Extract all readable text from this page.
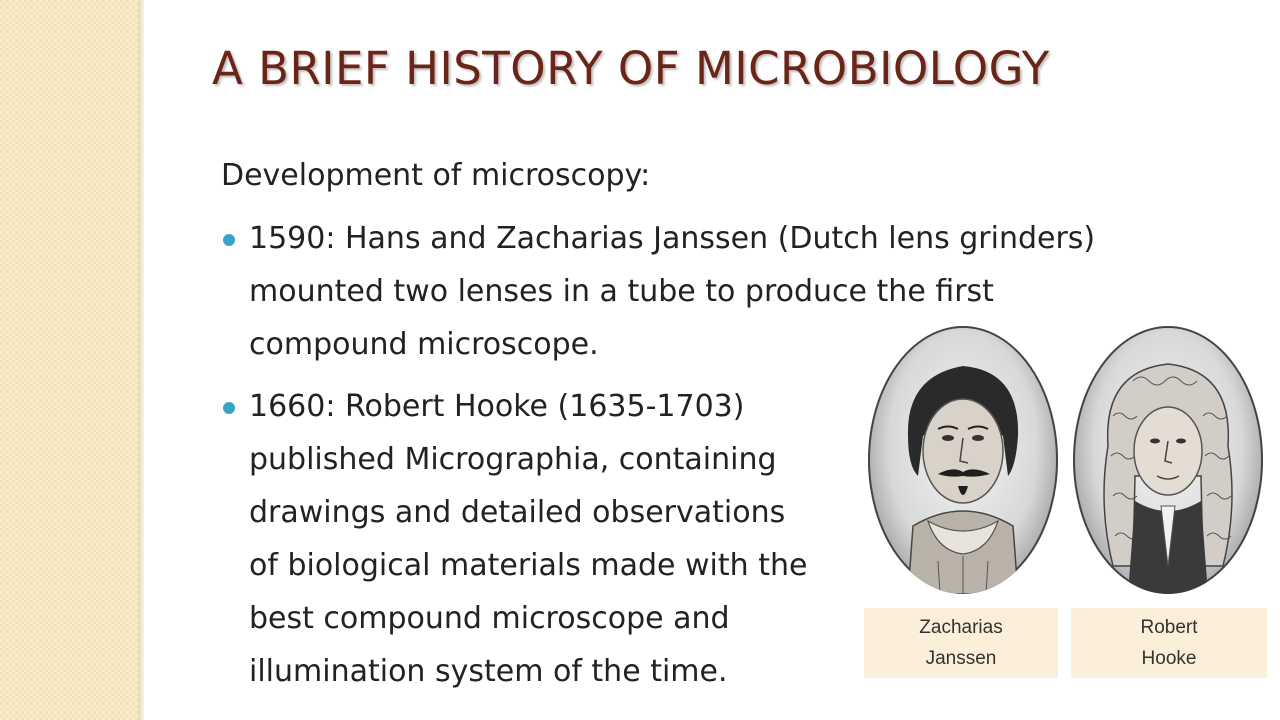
A BRIEF HISTORY OF MICROBIOLOGY
Development of microscopy:
1590: Hans and Zacharias Janssen (Dutch lens grinders)
mounted two lenses in a tube to produce the first
compound microscope.
1660: Robert Hooke (1635-1703)
published Micrographia, containing
drawings and detailed observations
of biological materials made with the
best compound microscope and
illumination system of the time.
Zacharias
Janssen
Robert
Hooke
